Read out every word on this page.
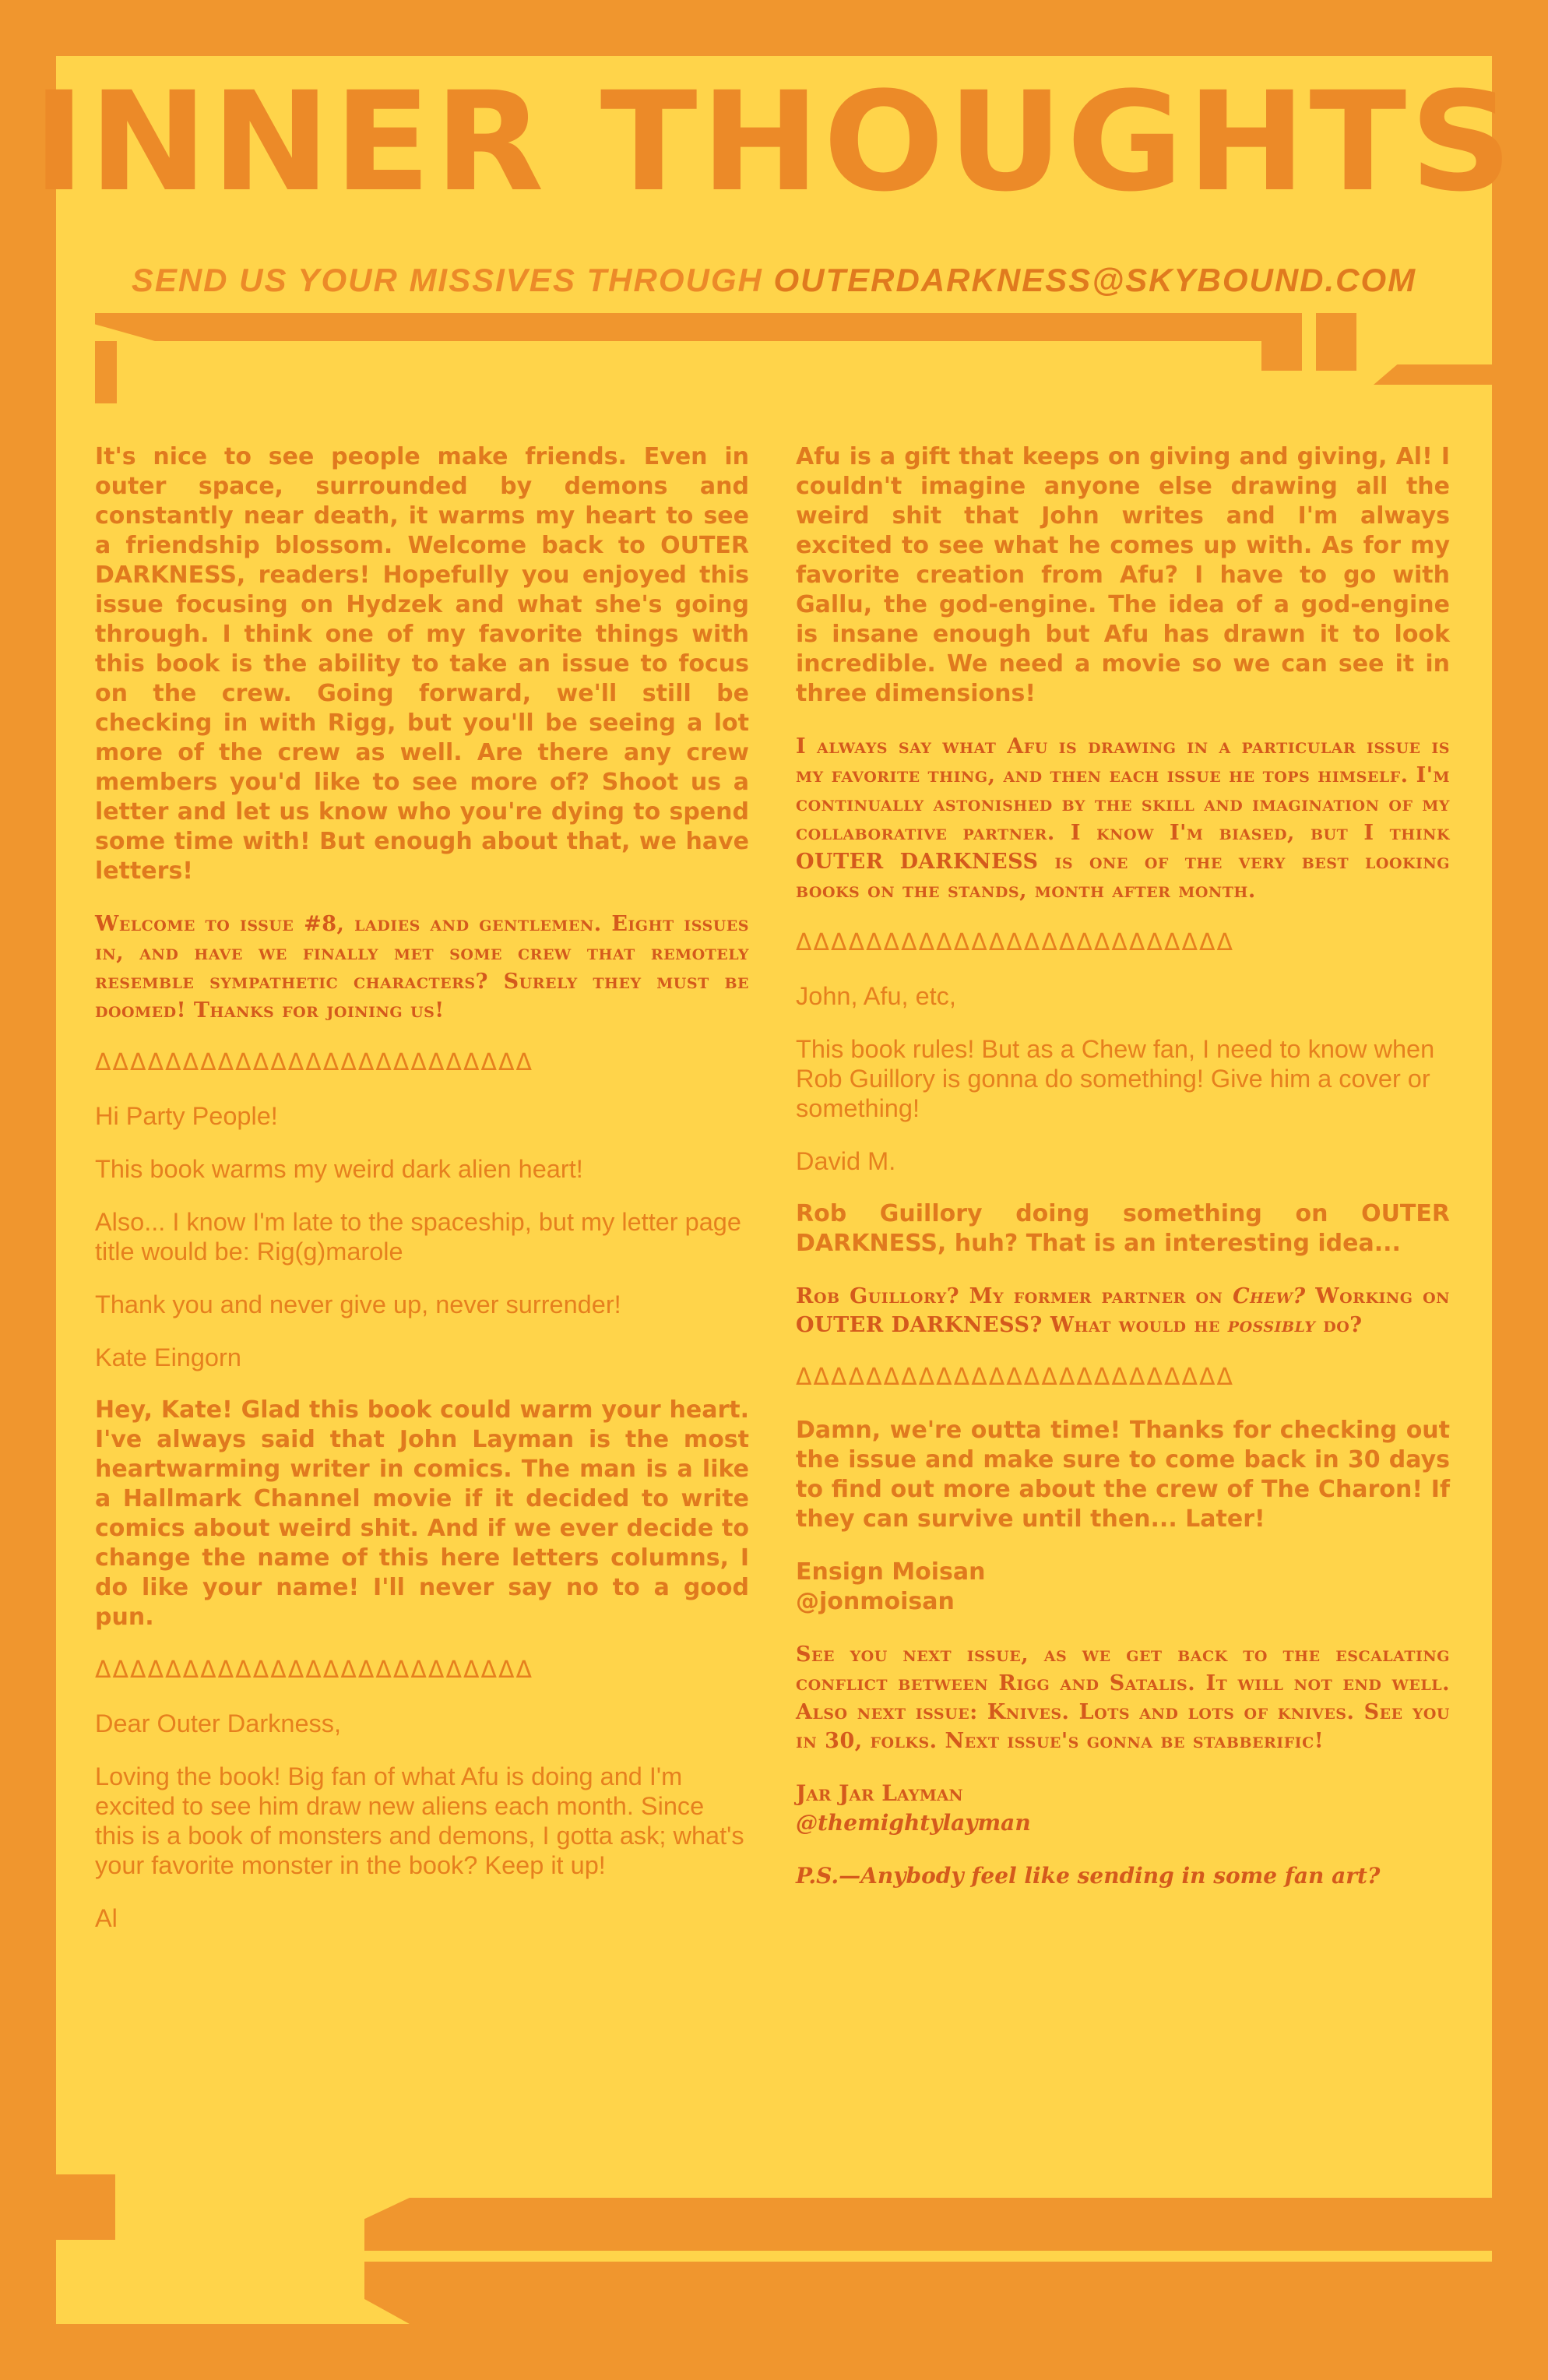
INNER THOUGHTS
SEND US YOUR MISSIVES THROUGH OUTERDARKNESS@SKYBOUND.COM

It's nice to see people make friends. Even in outer space, surrounded by demons and constantly near death, it warms my heart to see a friendship blossom. Welcome back to OUTER DARKNESS, readers! Hopefully you enjoyed this issue focusing on Hydzek and what she's going through. I think one of my favorite things with this book is the ability to take an issue to focus on the crew. Going forward, we'll still be checking in with Rigg, but you'll be seeing a lot more of the crew as well. Are there any crew members you'd like to see more of? Shoot us a letter and let us know who you're dying to spend some time with! But enough about that, we have letters!

Welcome to issue #8, ladies and gentlemen. Eight issues in, and have we finally met some crew that remotely resemble sympathetic characters? Surely they must be doomed! Thanks for joining us!

ΔΔΔΔΔΔΔΔΔΔΔΔΔΔΔΔΔΔΔΔΔΔΔΔΔ

Hi Party People!

This book warms my weird dark alien heart!

Also... I know I'm late to the spaceship, but my letter page title would be: Rig(g)marole

Thank you and never give up, never surrender!

Kate Eingorn

Hey, Kate! Glad this book could warm your heart. I've always said that John Layman is the most heartwarming writer in comics. The man is a like a Hallmark Channel movie if it decided to write comics about weird shit. And if we ever decide to change the name of this here letters columns, I do like your name! I'll never say no to a good pun.

ΔΔΔΔΔΔΔΔΔΔΔΔΔΔΔΔΔΔΔΔΔΔΔΔΔ

Dear Outer Darkness,

Loving the book! Big fan of what Afu is doing and I'm excited to see him draw new aliens each month. Since this is a book of monsters and demons, I gotta ask; what's your favorite monster in the book? Keep it up!

Al

Afu is a gift that keeps on giving and giving, Al! I couldn't imagine anyone else drawing all the weird shit that John writes and I'm always excited to see what he comes up with. As for my favorite creation from Afu? I have to go with Gallu, the god-engine. The idea of a god-engine is insane enough but Afu has drawn it to look incredible. We need a movie so we can see it in three dimensions!

I always say what Afu is drawing in a particular issue is my favorite thing, and then each issue he tops himself. I'm continually astonished by the skill and imagination of my collaborative partner. I know I'm biased, but I think OUTER DARKNESS is one of the very best looking books on the stands, month after month.

ΔΔΔΔΔΔΔΔΔΔΔΔΔΔΔΔΔΔΔΔΔΔΔΔΔ

John, Afu, etc,

This book rules! But as a Chew fan, I need to know when Rob Guillory is gonna do something! Give him a cover or something!

David M.

Rob Guillory doing something on OUTER DARKNESS, huh? That is an interesting idea...

Rob Guillory? My former partner on Chew? Working on OUTER DARKNESS? What would he possibly do?

ΔΔΔΔΔΔΔΔΔΔΔΔΔΔΔΔΔΔΔΔΔΔΔΔΔ

Damn, we're outta time! Thanks for checking out the issue and make sure to come back in 30 days to find out more about the crew of The Charon! If they can survive until then... Later!

Ensign Moisan
@jonmoisan

See you next issue, as we get back to the escalating conflict between Rigg and Satalis. It will not end well. Also next issue: Knives. Lots and lots of knives. See you in 30, folks. Next issue's gonna be stabberific!

Jar Jar Layman
@themightylayman

P.S.—Anybody feel like sending in some fan art?
